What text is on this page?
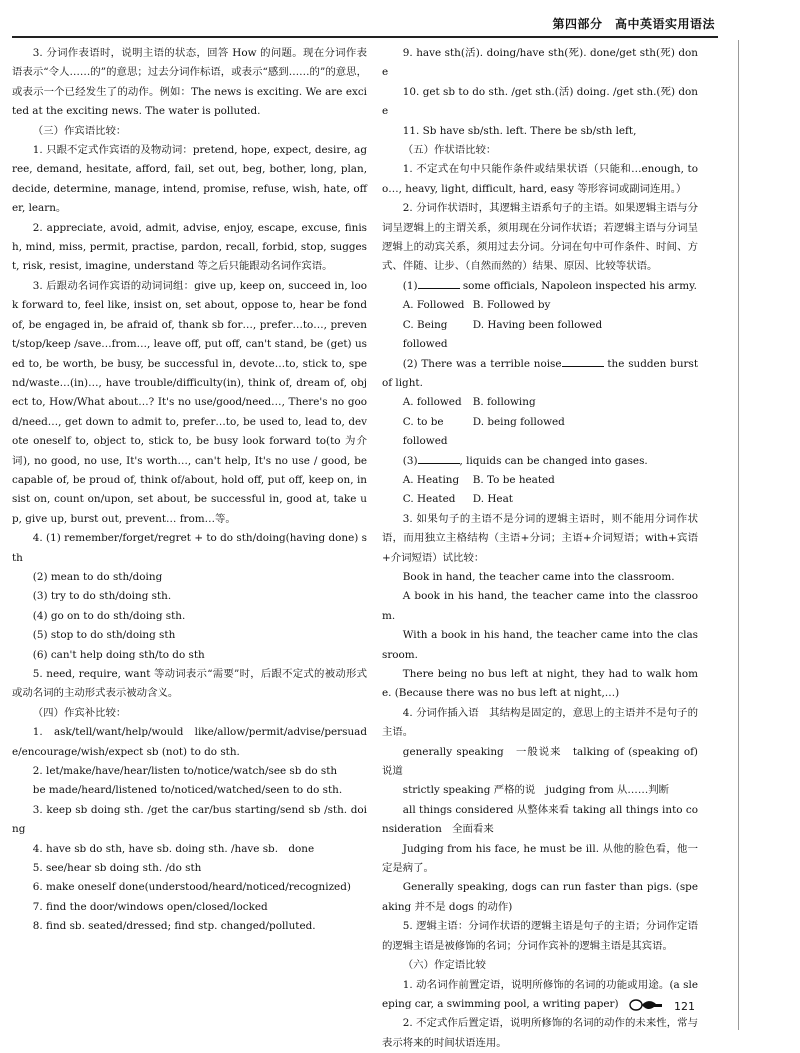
第四部分　高中英语实用语法

3. 分词作表语时，说明主语的状态，回答 How 的问题。现在分词作表语表示“令人……的”的意思；过去分词作标语，或表示“感到……的”的意思，或表示一个已经发生了的动作。例如：The news is exciting. We are excited at the exciting news. The water is polluted.

（三）作宾语比较：

1. 只跟不定式作宾语的及物动词：pretend, hope, expect, desire, agree, demand, hesitate, afford, fail, set out, beg, bother, long, plan, decide, determine, manage, intend, promise, refuse, wish, hate, offer, learn。

2. appreciate, avoid, admit, advise, enjoy, escape, excuse, finish, mind, miss, permit, practise, pardon, recall, forbid, stop, suggest, risk, resist, imagine, understand 等之后只能跟动名词作宾语。

3. 后跟动名词作宾语的动词词组：give up, keep on, succeed in, look forward to, feel like, insist on, set about, oppose to, hear be fond of, be engaged in, be afraid of, thank sb for…, prefer…to…, prevent/stop/keep /save…from…, leave off, put off, can't stand, be (get) used to, be worth, be busy, be successful in, devote…to, stick to, spend/waste…(in)…, have trouble/difficulty(in), think of, dream of, object to, How/What about…? It's no use/good/need…, There's no good/need…, get down to admit to, prefer…to, be used to, lead to, devote oneself to, object to, stick to, be busy look forward to(to 为介词), no good, no use, It's worth…, can't help, It's no use / good, be capable of, be proud of, think of/about, hold off, put off, keep on, insist on, count on/upon, set about, be successful in, good at, take up, give up, burst out, prevent… from…等。

4. (1) remember/forget/regret + to do sth/doing(having done) sth

(2) mean to do sth/doing

(3) try to do sth/doing sth.

(4) go on to do sth/doing sth.

(5) stop to do sth/doing sth

(6) can't help doing sth/to do sth

5. need, require, want 等动词表示“需要”时，后跟不定式的被动形式或动名词的主动形式表示被动含义。

（四）作宾补比较：

1.　ask/tell/want/help/would　like/allow/permit/advise/persuade/encourage/wish/expect sb (not) to do sth.

2. let/make/have/hear/listen to/notice/watch/see sb do sth

be made/heard/listened to/noticed/watched/seen to do sth.

3. keep sb doing sth. /get the car/bus starting/send sb /sth. doing

4. have sb do sth, have sb. doing sth. /have sb.　done

5. see/hear sb doing sth. /do sth

6. make oneself done(understood/heard/noticed/recognized)

7. find the door/windows open/closed/locked

8. find sb. seated/dressed; find stp. changed/polluted.

9. have sth(活). doing/have sth(死). done/get sth(死) done

10. get sb to do sth. /get sth.(活) doing. /get sth.(死) done

11. Sb have sb/sth. left. There be sb/sth left,

（五）作状语比较：

1. 不定式在句中只能作条件或结果状语（只能和…enough, too…, heavy, light, difficult, hard, easy 等形容词或副词连用。）

2. 分词作状语时，其逻辑主语系句子的主语。如果逻辑主语与分词呈逻辑上的主谓关系，须用现在分词作状语；若逻辑主语与分词呈逻辑上的动宾关系，须用过去分词。分词在句中可作条件、时间、方式、伴随、让步、（自然而然的）结果、原因、比较等状语。

(1)	some officials, Napoleon inspected his army.

A. Followed B. Followed by
C. Being followed
D. Having been followed

(2) There was a terrible noise	the sudden burst of light.

A. followed	B. following
C. to be followed
D. being followed

(3)	, liquids can be changed into gases.

A. Heating	B. To be heated
C. Heated	D. Heat

3. 如果句子的主语不是分词的逻辑主语时，则不能用分词作状语，而用独立主格结构（主语+分词；主语+介词短语；with+宾语+介词短语）试比较：

Book in hand, the teacher came into the classroom.

A book in his hand, the teacher came into the classroom.

With a book in his hand, the teacher came into the classroom.

There being no bus left at night, they had to walk home. (Because there was no bus left at night,…)

4. 分词作插入语　其结构是固定的，意思上的主语并不是句子的主语。

generally speaking　一般说来　talking of (speaking of) 说道

strictly speaking 严格的说　judging from 从……判断

all things considered 从整体来看 taking all things into consideration　全面看来

Judging from his face, he must be ill. 从他的脸色看，他一定是病了。

Generally speaking, dogs can run faster than pigs. (speaking 并不是 dogs 的动作)

5. 逻辑主语：分词作状语的逻辑主语是句子的主语；分词作定语的逻辑主语是被修饰的名词；分词作宾补的逻辑主语是其宾语。

（六）作定语比较

1. 动名词作前置定语，说明所修饰的名词的功能或用途。(a sleeping car, a swimming pool, a writing paper)

2. 不定式作后置定语，说明所修饰的名词的动作的未来性，常与表示将来的时间状语连用。

121
